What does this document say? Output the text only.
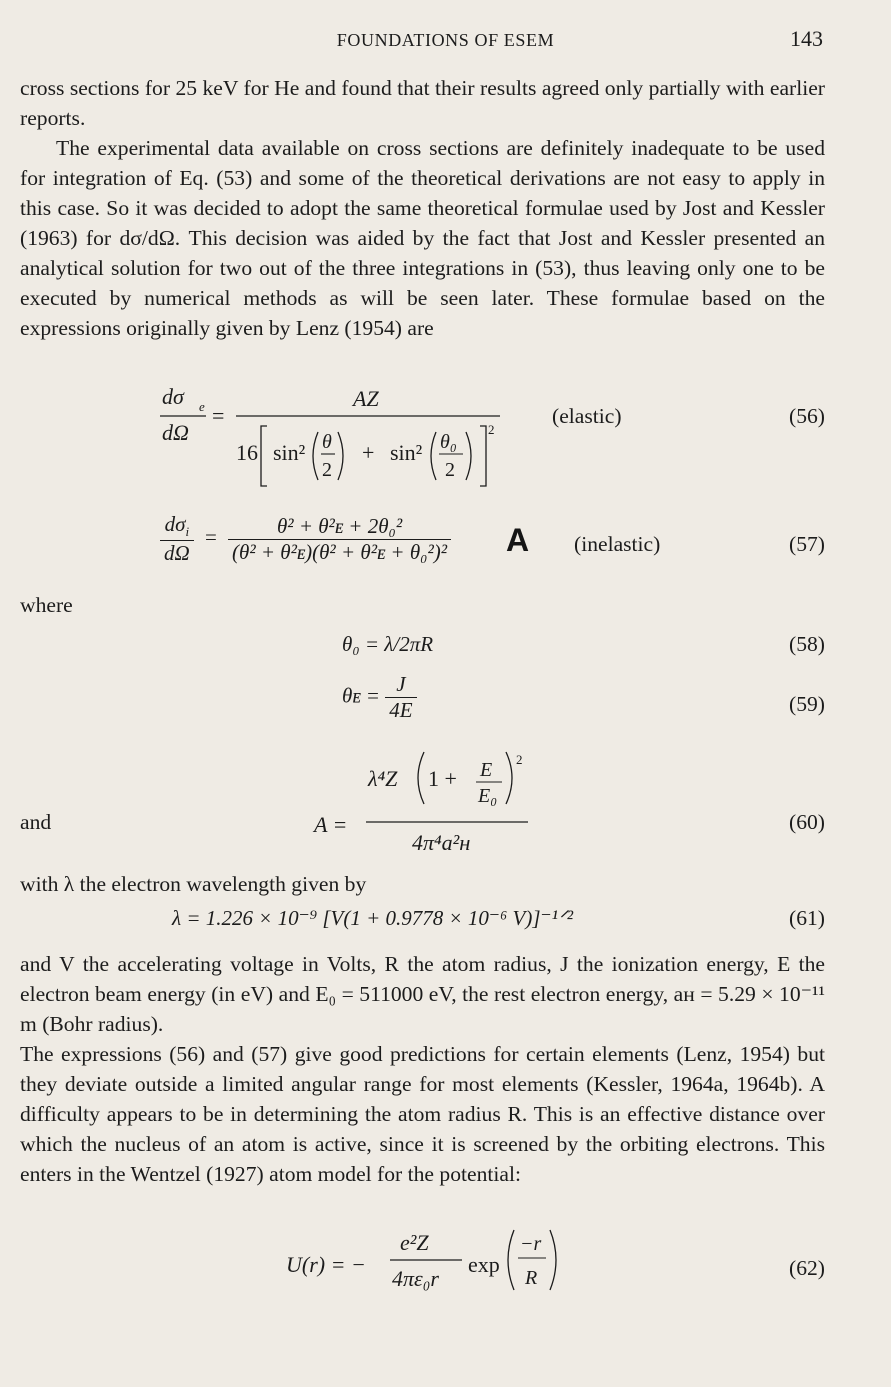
FOUNDATIONS OF ESEM	143

cross sections for 25 keV for He and found that their results agreed only partially with earlier reports.

The experimental data available on cross sections are definitely inadequate to be used for integration of Eq. (53) and some of the theoretical derivations are not easy to apply in this case. So it was decided to adopt the same theoretical formulae used by Jost and Kessler (1963) for dσ/dΩ. This decision was aided by the fact that Jost and Kessler presented an analytical solution for two out of the three integrations in (53), thus leaving only one to be executed by numerical methods as will be seen later. These formulae based on the expressions originally given by Lenz (1954) are

dσ e
dΩ
=
AZ
16 sin² θ
2
+ sin² θ₀
2
2
(elastic)	(56)
$\frac{d\sigma_i}{d\Omega} = \frac{\text{θ² + θ²ᴇ + 2θ₀²}}{\text{(θ² + θ²ᴇ)(θ² + θ²ᴇ + θ₀²)²}}$ A (inelastic)	(57)
where
θ₀ = λ/2πR	(58)
θᴇ = $\frac{J}{4E}$	(59)
and	A =
λ⁴Z 1 + E
E₀
2
4π⁴a²ʜ
(60)
with λ the electron wavelength given by
λ = 1.226 × 10⁻⁹ [V(1 + 0.9778 × 10⁻⁶ V)]⁻¹ᐟ²	(61)

and V the accelerating voltage in Volts, R the atom radius, J the ionization energy, E the electron beam energy (in eV) and E₀ = 511000 eV, the rest electron energy, aʜ = 5.29 × 10⁻¹¹ m (Bohr radius).

The expressions (56) and (57) give good predictions for certain elements (Lenz, 1954) but they deviate outside a limited angular range for most elements (Kessler, 1964a, 1964b). A difficulty appears to be in determining the atom radius R. This is an effective distance over which the nucleus of an atom is active, since it is screened by the orbiting electrons. This enters in the Wentzel (1927) atom model for the potential:

U(r) = −
e²Z
4πε₀r
exp
−r
R	(62)
